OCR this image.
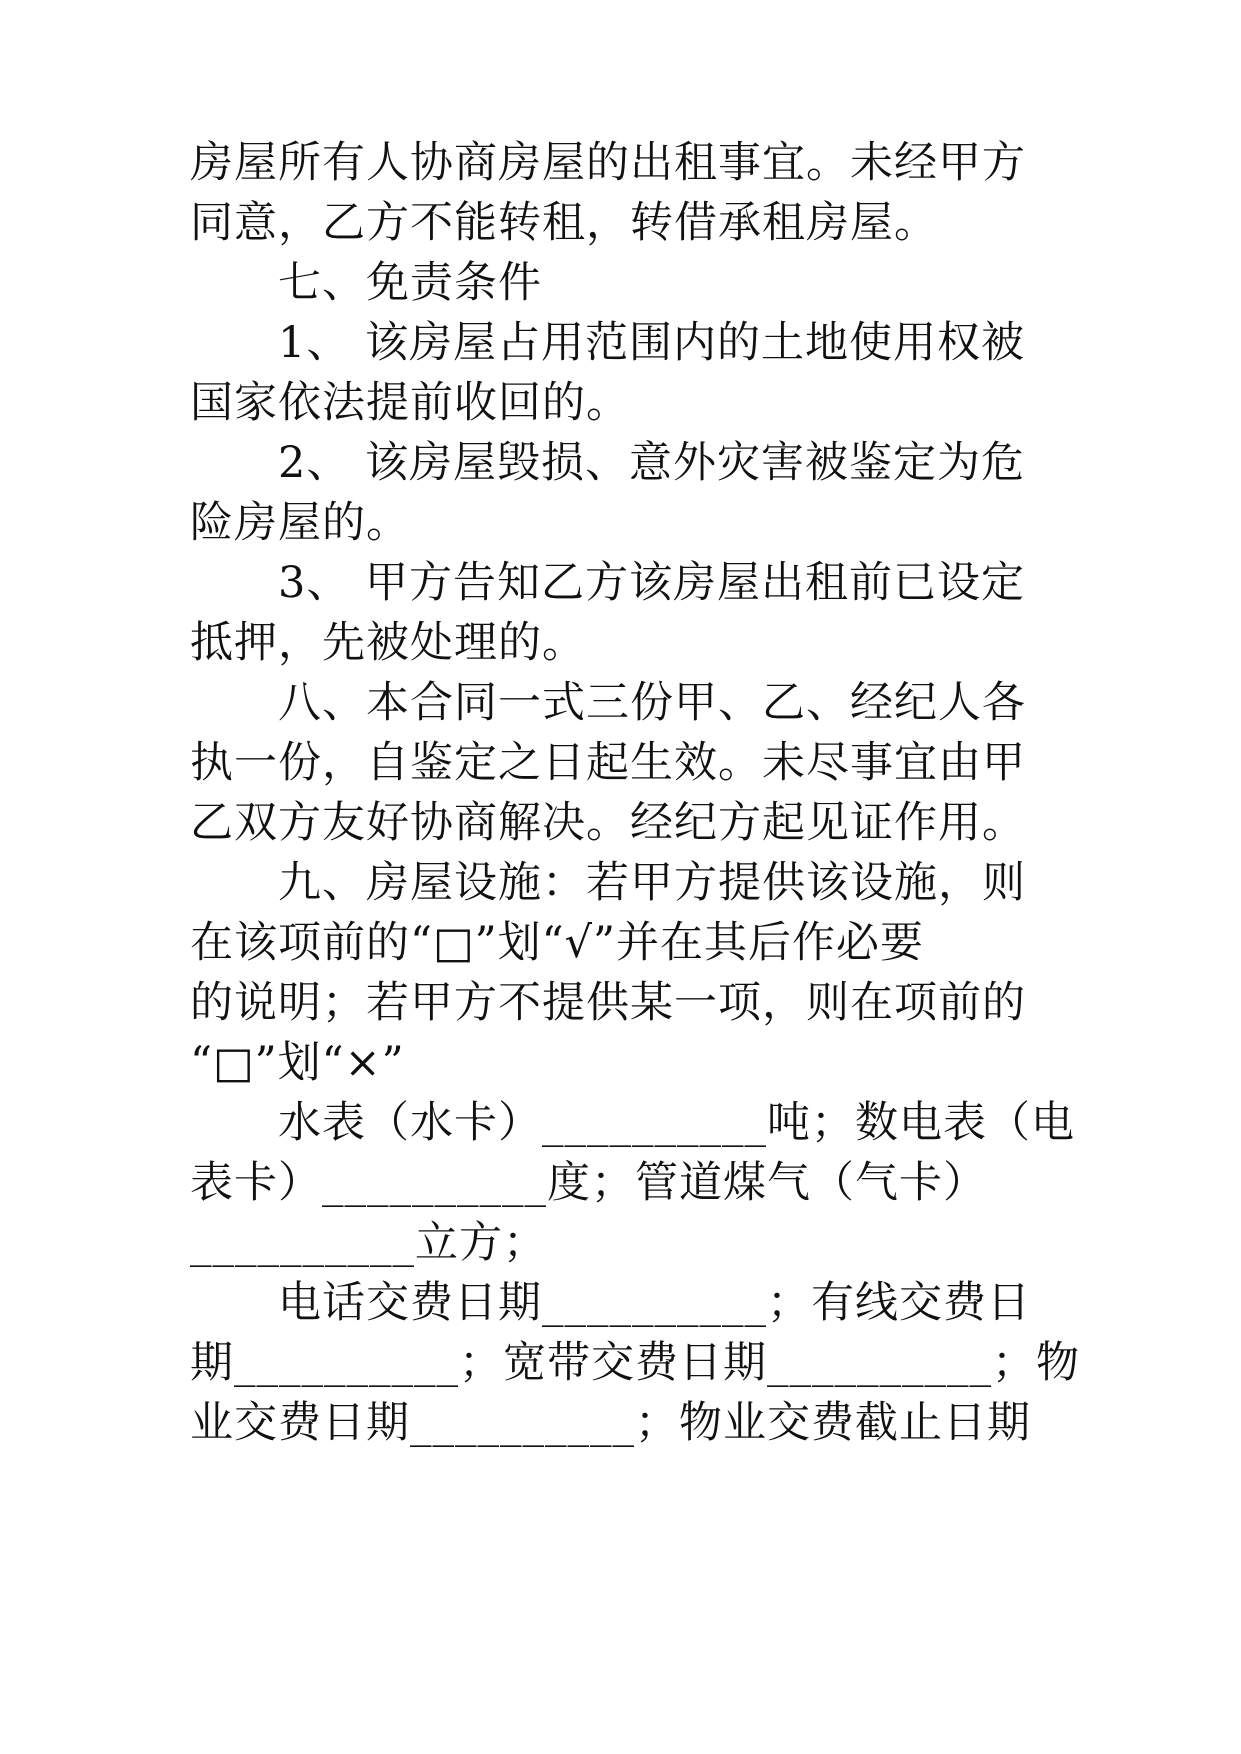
房屋所有人协商房屋的出租事宜。未经甲方
同意，乙方不能转租，转借承租房屋。
七、免责条件
1、 该房屋占用范围内的土地使用权被
国家依法提前收回的。
2、 该房屋毁损、意外灾害被鉴定为危
险房屋的。
3、 甲方告知乙方该房屋出租前已设定
抵押，先被处理的。
八、本合同一式三份甲、乙、经纪人各
执一份，自鉴定之日起生效。未尽事宜由甲
乙双方友好协商解决。经纪方起见证作用。
九、房屋设施：若甲方提供该设施，则
在该项前的“□”划“√”并在其后作必要
的说明；若甲方不提供某一项，则在项前的
“□”划“×”
水表（水卡）__________吨；数电表（电
表卡）__________度；管道煤气（气卡）
__________立方；
电话交费日期__________；有线交费日
期__________；宽带交费日期__________；物
业交费日期__________；物业交费截止日期
